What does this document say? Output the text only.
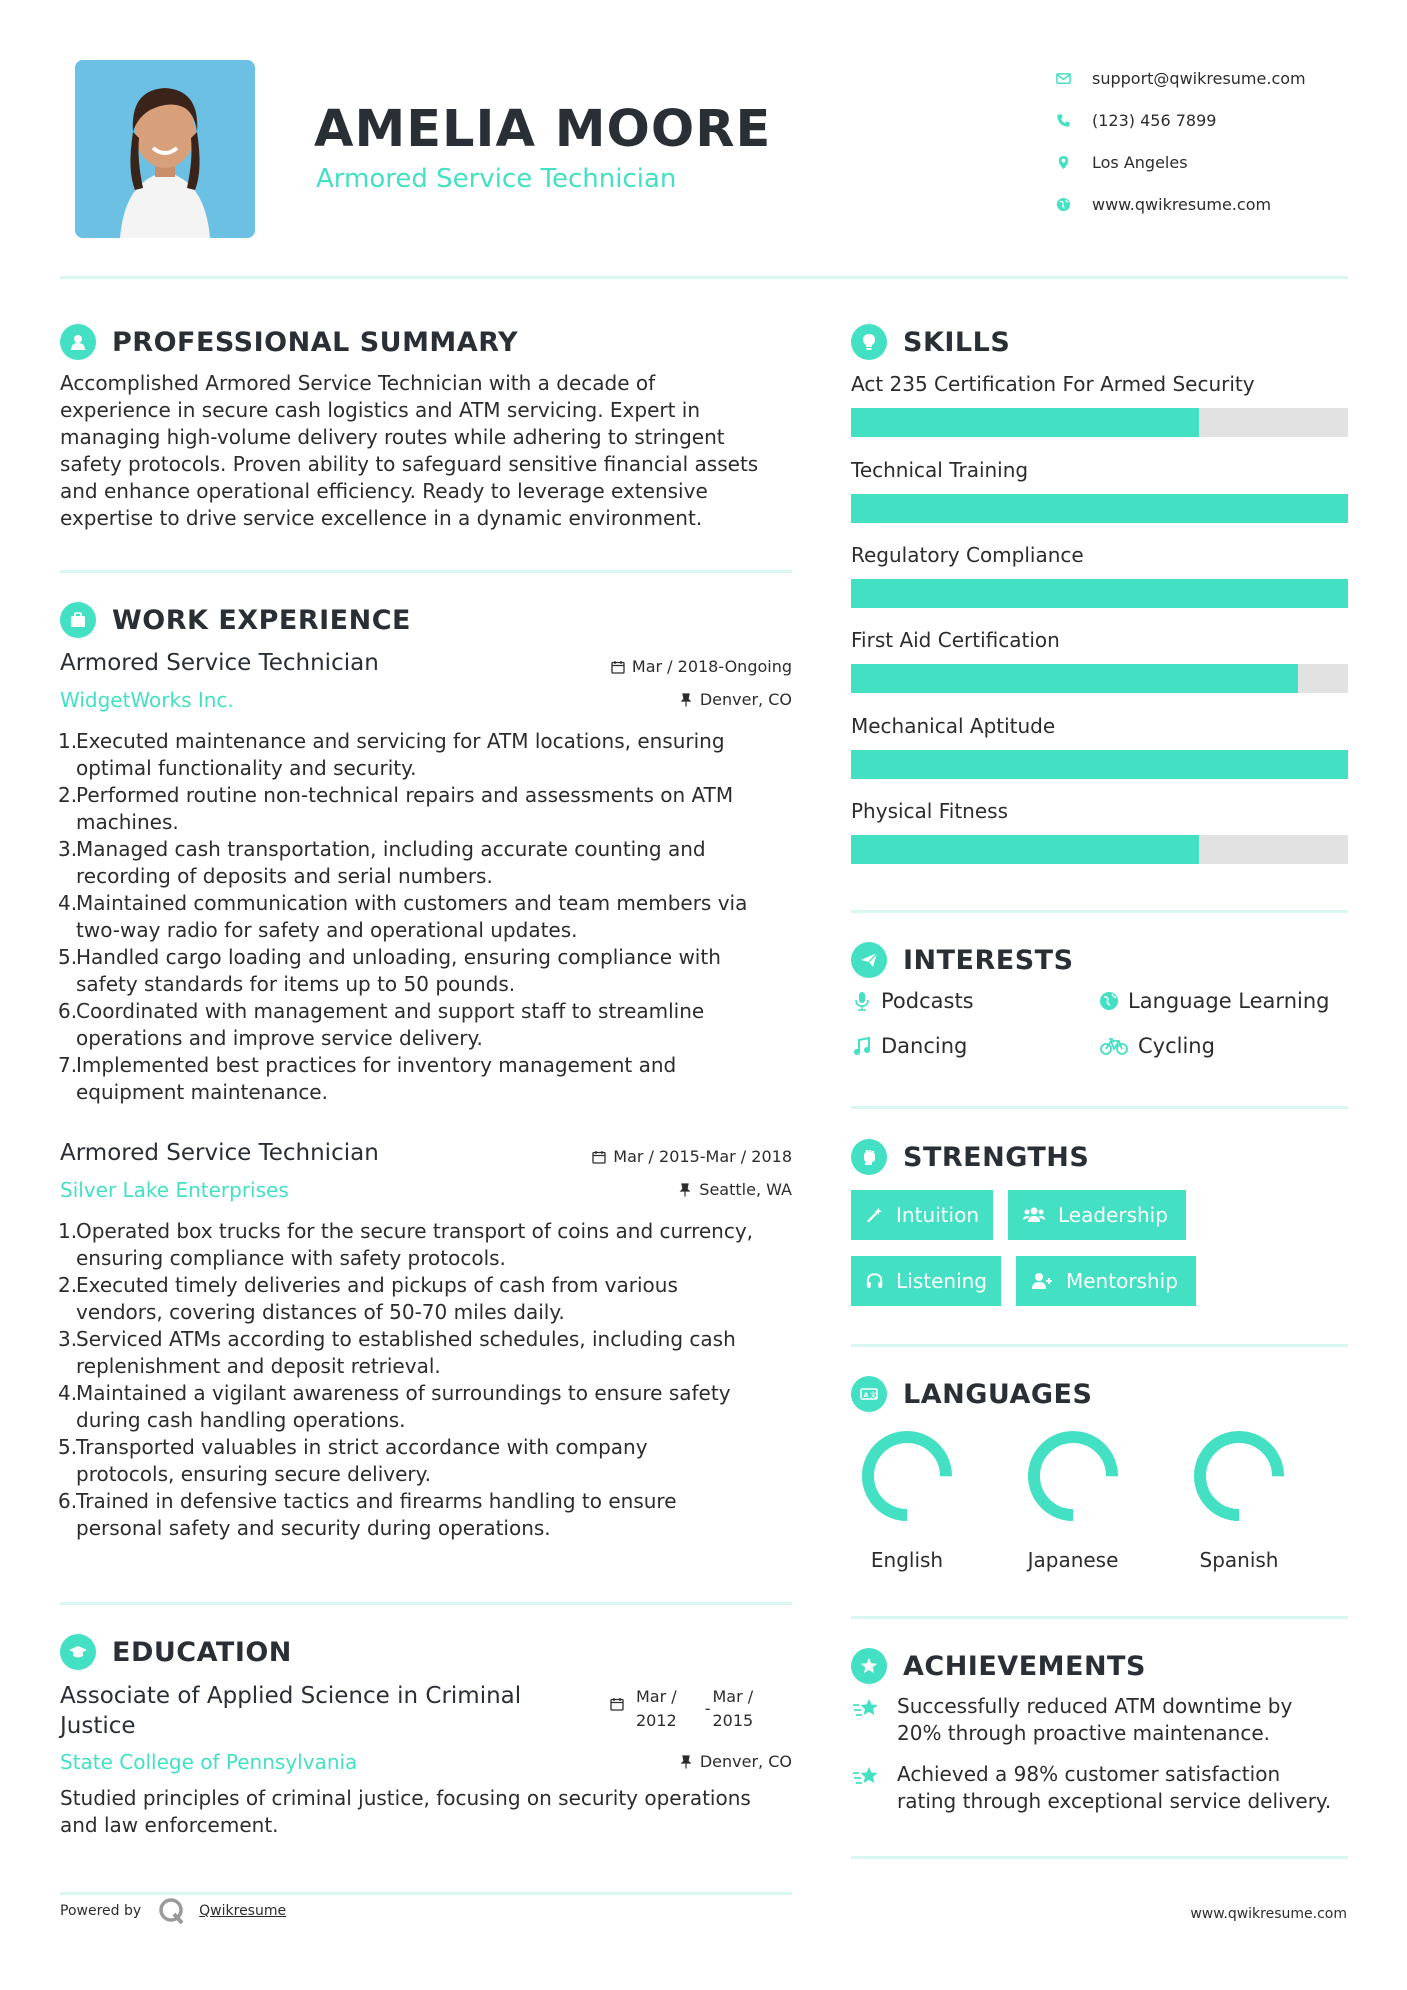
AMELIA MOORE
Armored Service Technician
support@qwikresume.com
(123) 456 7899
Los Angeles
www.qwikresume.com
PROFESSIONAL SUMMARY
Accomplished Armored Service Technician with a decade of
experience in secure cash logistics and ATM servicing. Expert in
managing high-volume delivery routes while adhering to stringent
safety protocols. Proven ability to safeguard sensitive financial assets
and enhance operational efficiency. Ready to leverage extensive
expertise to drive service excellence in a dynamic environment.
WORK EXPERIENCE
Armored Service Technician
WidgetWorks Inc.
Mar / 2018-Ongoing
Denver, CO
1.
Executed maintenance and servicing for ATM locations, ensuring
optimal functionality and security.
2.
Performed routine non-technical repairs and assessments on ATM
machines.
3.
Managed cash transportation, including accurate counting and
recording of deposits and serial numbers.
4.
Maintained communication with customers and team members via
two-way radio for safety and operational updates.
5.
Handled cargo loading and unloading, ensuring compliance with
safety standards for items up to 50 pounds.
6.
Coordinated with management and support staff to streamline
operations and improve service delivery.
7.
Implemented best practices for inventory management and
equipment maintenance.
Armored Service Technician
Silver Lake Enterprises
Mar / 2015-Mar / 2018
Seattle, WA
1.
Operated box trucks for the secure transport of coins and currency,
ensuring compliance with safety protocols.
2.
Executed timely deliveries and pickups of cash from various
vendors, covering distances of 50-70 miles daily.
3.
Serviced ATMs according to established schedules, including cash
replenishment and deposit retrieval.
4.
Maintained a vigilant awareness of surroundings to ensure safety
during cash handling operations.
5.
Transported valuables in strict accordance with company
protocols, ensuring secure delivery.
6.
Trained in defensive tactics and firearms handling to ensure
personal safety and security during operations.
EDUCATION
Associate of Applied Science in Criminal
Justice
State College of Pennsylvania
Mar /
2012
-
Mar /
2015
Denver, CO
Studied principles of criminal justice, focusing on security operations
and law enforcement.
SKILLS
Act 235 Certification For Armed Security
Technical Training
Regulatory Compliance
First Aid Certification
Mechanical Aptitude
Physical Fitness
INTERESTS
Podcasts	Language Learning
Dancing	Cycling
STRENGTHS
Intuition	Leadership
Listening	Mentorship
A 文 LANGUAGES
English	Japanese	Spanish
ACHIEVEMENTS
Successfully reduced ATM downtime by
20% through proactive maintenance.
Achieved a 98% customer satisfaction
rating through exceptional service delivery.
Powered by	Qwikresume	www.qwikresume.com
